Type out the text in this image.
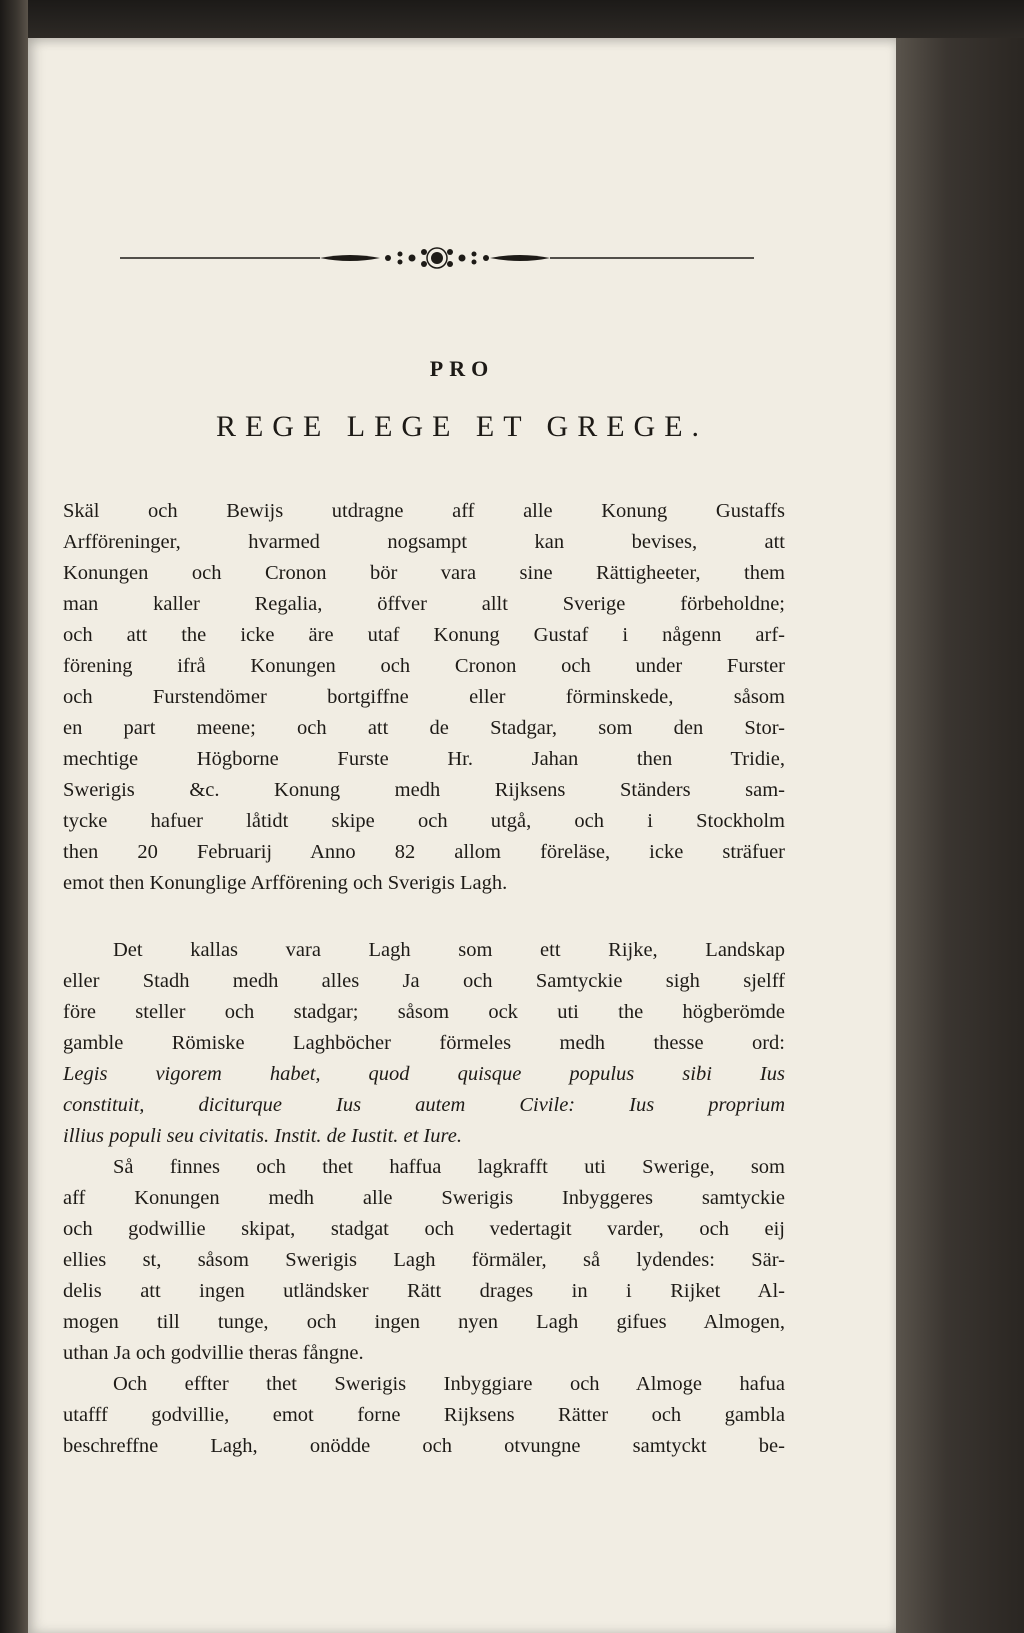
PRO
REGE LEGE ET GREGE.
Skäl och Bewijs utdragne aff alle Konung Gustaffs
Arfföreninger, hvarmed nogsampt kan bevises, att
Konungen och Cronon bör vara sine Rättigheeter, them
man kaller Regalia, öffver allt Sverige förbeholdne;
och att the icke äre utaf Konung Gustaf i någenn arf-
förening ifrå Konungen och Cronon och under Furster
och Furstendömer bortgiffne eller förminskede, såsom
en part meene; och att de Stadgar, som den Stor-
mechtige Högborne Furste Hr. Jahan then Tridie,
Swerigis &c. Konung medh Rijksens Ständers sam-
tycke hafuer låtidt skipe och utgå, och i Stockholm
then 20 Februarij Anno 82 allom föreläse, icke sträfuer
emot then Konunglige Arfförening och Sverigis Lagh.
Det kallas vara Lagh som ett Rijke, Landskap
eller Stadh medh alles Ja och Samtyckie sigh sjelff
före steller och stadgar; såsom ock uti the högberömde
gamble Römiske Laghböcher förmeles medh thesse ord:
Legis vigorem habet, quod quisque populus sibi Ius
constituit, diciturque Ius autem Civile: Ius proprium
illius populi seu civitatis. Instit. de Iustit. et Iure.
Så finnes och thet haffua lagkrafft uti Swerige, som
aff Konungen medh alle Swerigis Inbyggeres samtyckie
och godwillie skipat, stadgat och vedertagit varder, och eij
ellies st, såsom Swerigis Lagh förmäler, så lydendes: Sär-
delis att ingen utländsker Rätt drages in i Rijket Al-
mogen till tunge, och ingen nyen Lagh gifues Almogen,
uthan Ja och godvillie theras fångne.
Och effter thet Swerigis Inbyggiare och Almoge hafua
utafff godvillie, emot forne Rijksens Rätter och gambla
beschreffne Lagh, onödde och otvungne samtyckt be-
